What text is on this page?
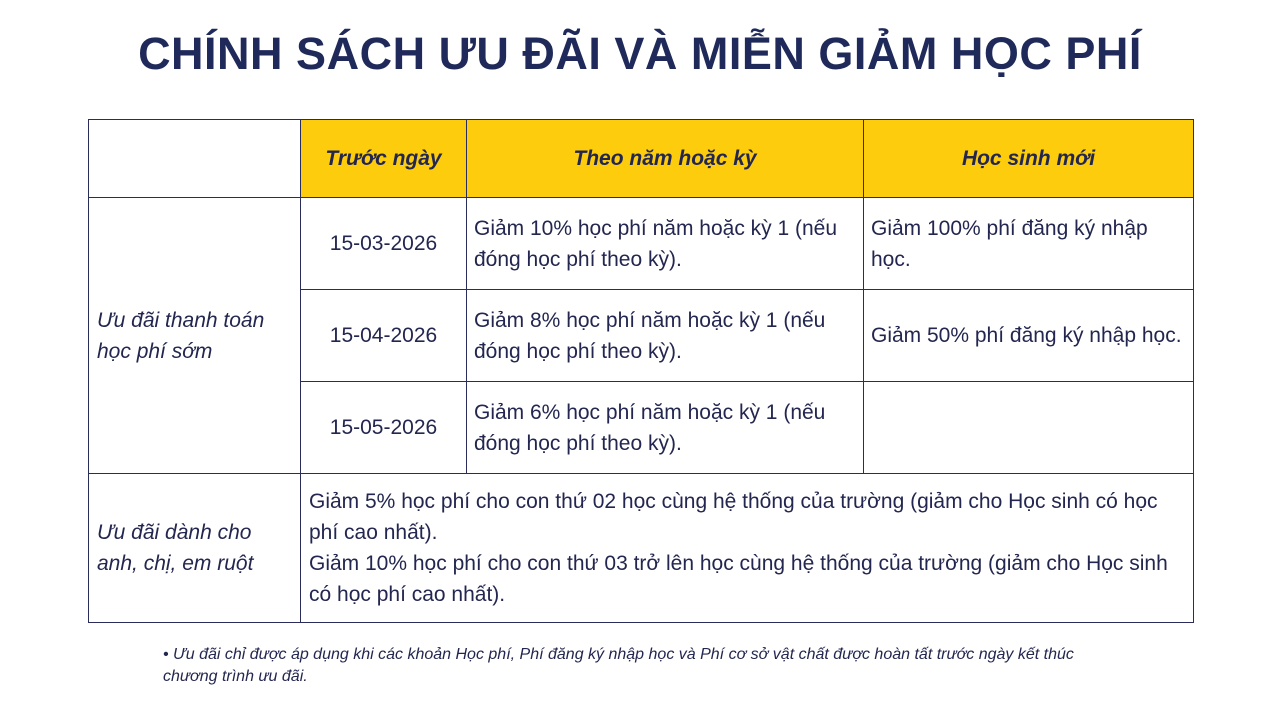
CHÍNH SÁCH ƯU ĐÃI VÀ MIỄN GIẢM HỌC PHÍ
	Trước ngày	Theo năm hoặc kỳ	Học sinh mới
Ưu đãi thanh toán học phí sớm	15-03-2026	Giảm 10% học phí năm hoặc kỳ 1 (nếu đóng học phí theo kỳ).	Giảm 100% phí đăng ký nhập học.
	15-04-2026	Giảm 8% học phí năm hoặc kỳ 1 (nếu đóng học phí theo kỳ).	Giảm 50% phí đăng ký nhập học.
	15-05-2026	Giảm 6% học phí năm hoặc kỳ 1 (nếu đóng học phí theo kỳ).	
Ưu đãi dành cho anh, chị, em ruột	Giảm 5% học phí cho con thứ 02 học cùng hệ thống của trường (giảm cho Học sinh có học phí cao nhất).
Giảm 10% học phí cho con thứ 03 trở lên học cùng hệ thống của trường (giảm cho Học sinh có học phí cao nhất).		
• Ưu đãi chỉ được áp dụng khi các khoản Học phí, Phí đăng ký nhập học và Phí cơ sở vật chất được hoàn tất trước ngày kết thúc chương trình ưu đãi.
